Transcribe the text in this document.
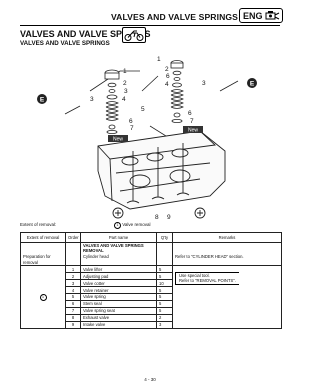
VALVES AND VALVE SPRINGS ENG
VALVES AND VALVE SPRINGS
VALVES AND VALVE SPRINGS
E
E
New
New
1
2
3
3	4
5
6
7
1
2
6
3
4
6
7
8 9
Extent of removal:	1 Valve removal
Extent of removal	Order	Part name	Q'ty	Remarks
		VALVES AND VALVE SPRINGS REMOVAL		
Preparation for removal		Cylinder head		Refer to "CYLINDER HEAD" section.
1	1	Valve lifter	5	Use special tool.
Refer to "REMOVAL POINTS".

	2	Adjusting pad	5	
	3	Valve cotter	10	
	4	Valve retainer	5	
	5	Valve spring	5	
	6	Stem seal	5	
	7	Valve spring seat	5	
	8	Exhaust valve	2	
	9	Intake valve	3	
4 - 30
